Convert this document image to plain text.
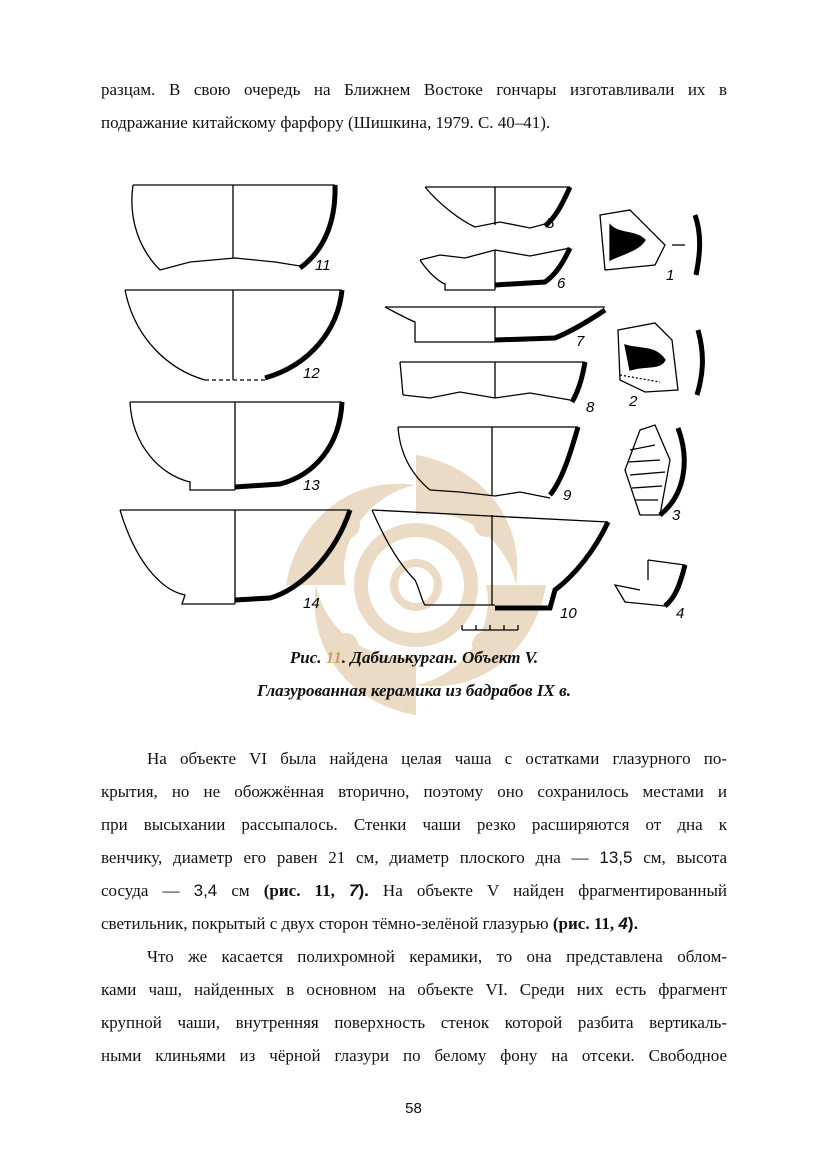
разцам. В свою очередь на Ближнем Востоке гончары изготавливали их в
подражание китайскому фарфору (Шишкина, 1979. С. 40–41).
11
12
13
14
5
6
7
8
9
10
1
2
3
4
Рис. 11. Дабилькурган. Объект V.
Глазурованная керамика из бадрабов IX в.
На объекте VI была найдена целая чаша с остатками глазурного по-
крытия, но не обожжённая вторично, поэтому оно сохранилось местами и
при высыхании рассыпалось. Стенки чаши резко расширяются от дна к
венчику, диаметр его равен 21 см, диаметр плоского дна — 13,5 см, высота
сосуда — 3,4 см (рис. 11, 7). На объекте V найден фрагментированный
светильник, покрытый с двух сторон тёмно-зелёной глазурью (рис. 11, 4).
Что же касается полихромной керамики, то она представлена облом-
ками чаш, найденных в основном на объекте VI. Среди них есть фрагмент
крупной чаши, внутренняя поверхность стенок которой разбита вертикаль-
ными клиньями из чёрной глазури по белому фону на отсеки. Свободное
58
